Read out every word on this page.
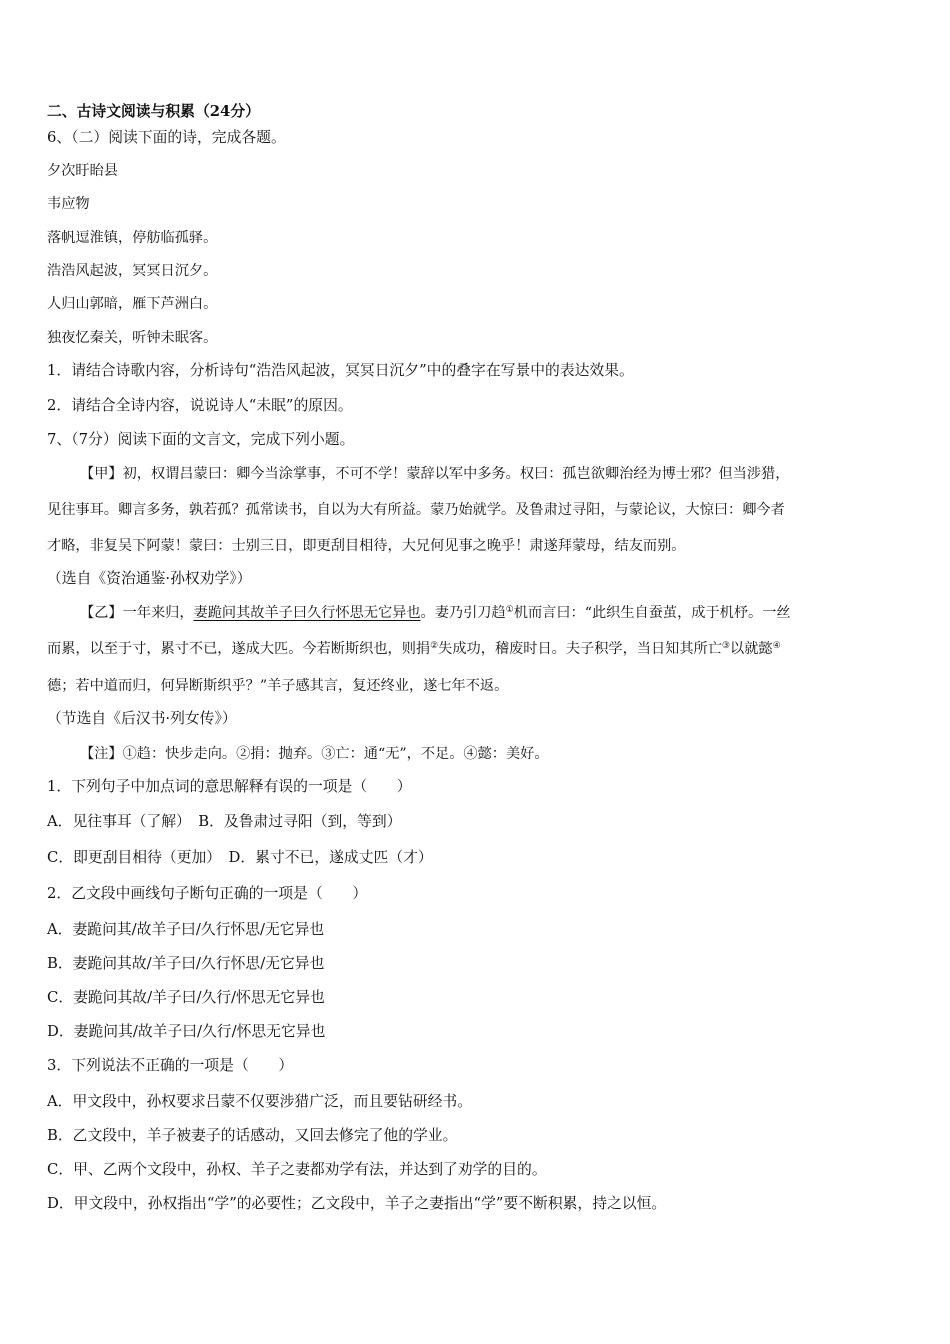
二、古诗文阅读与积累（24分）
6、（二）阅读下面的诗，完成各题。
夕次盱眙县
韦应物
落帆逗淮镇，停舫临孤驿。
浩浩风起波，冥冥日沉夕。
人归山郭暗，雁下芦洲白。
独夜忆秦关，听钟未眠客。
1．请结合诗歌内容，分析诗句“浩浩风起波，冥冥日沉夕”中的叠字在写景中的表达效果。
2．请结合全诗内容，说说诗人“未眠”的原因。
7、（7分）阅读下面的文言文，完成下列小题。
【甲】初，权谓吕蒙曰：卿今当涂掌事，不可不学！蒙辞以军中多务。权曰：孤岂欲卿治经为博士邪？但当涉猎，
见往事耳。卿言多务，孰若孤？孤常读书，自以为大有所益。蒙乃始就学。及鲁肃过寻阳，与蒙论议，大惊曰：卿今者
才略，非复吴下阿蒙！蒙曰：士别三日，即更刮目相待，大兄何见事之晚乎！肃遂拜蒙母，结友而别。
（选自《资治通鉴·孙权劝学》）
【乙】一年来归，妻跪问其故羊子曰久行怀思无它异也。妻乃引刀趋①机而言曰：“此织生自蚕茧，成于机杼。一丝
而累，以至于寸，累寸不已，遂成大匹。今若断斯织也，则捐②失成功，稽废时日。夫子积学，当日知其所亡③以就懿④
德；若中道而归，何异断斯织乎？”羊子感其言，复还终业，遂七年不返。
（节选自《后汉书·列女传》）
【注】①趋：快步走向。②捐：抛弃。③亡：通“无”，不足。④懿：美好。
1．下列句子中加点词的意思解释有误的一项是（　　）
A．见往事耳（了解）　B．及鲁肃过寻阳（到，等到）
C．即更刮目相待（更加）　D．累寸不已，遂成丈匹（才）
2．乙文段中画线句子断句正确的一项是（　　）
A．妻跪问其/故羊子曰/久行怀思/无它异也
B．妻跪问其故/羊子曰/久行怀思/无它异也
C．妻跪问其故/羊子曰/久行/怀思无它异也
D．妻跪问其/故羊子曰/久行/怀思无它异也
3．下列说法不正确的一项是（　　）
A．甲文段中，孙权要求吕蒙不仅要涉猎广泛，而且要钻研经书。
B．乙文段中，羊子被妻子的话感动，又回去修完了他的学业。
C．甲、乙两个文段中，孙权、羊子之妻都劝学有法，并达到了劝学的目的。
D．甲文段中，孙权指出“学”的必要性；乙文段中，羊子之妻指出“学”要不断积累，持之以恒。
